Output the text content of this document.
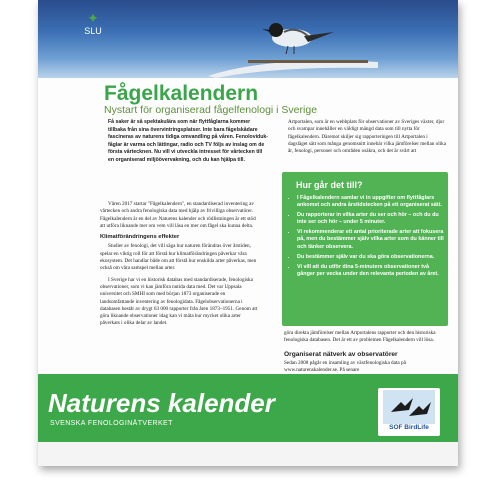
✦
SLU
Fågelkalendern
Nystart för organiserad fågelfenologi i Sverige
Få saker är så spektakulära som när flyttfåglarna kommer tillbaka från sina övervintringsplatser. Inte bara fågelskådare fascineras av naturens tidiga omvandling på våren. Fenoloviduk-fåglar är varma och lättingar, radio och TV följs av inslag om de första vårtecknen. Nu vill vi utveckla intresset för vårtecken till en organiserad miljöövervakning, och du kan hjälpa till.

Våren 2017 startar "Fågelkalendern", en standardiserad inventering av vårtecken och andra fenologiska data med hjälp av frivilliga observatörer. Fågelkalendern är en del av Naturens kalender och rödlistningen är ett stöd att utföra liknande mer om vem vill läsa en mer om fågel ska kunna delta.

Klimatförändringens effekter

Studier av fenologi, det vill säga hur naturen förändras över årstiden, spelar en viktig roll för att förstå hur klimatförändringen påverkar våra ekosystem. Det handlar både om att förstå hur enskilda arter påverkas, men också om våra samspel mellan arter.

I Sverige har vi en historisk databas med standardiserade, fenologiska observationer, som vi kan jämföra nutida data med. Det var Uppsala universitet och SMHI som med början 1873 organiserade en landsomfattande inventering av fenologidata. Fågelobservationerna i databasen består av drygt 63 000 rapporter från åren 1873–1951. Genom att göra liknande observationer idag kan vi mäta hur mycket olika arter påverkats i olika delar av landet.

Artportalen, som är en webbplats för observationer av Sveriges växter, djur och svampar innehåller en väldigt mängd data som till nytta för fågelkalendern. Däremot skiljer sig rapporteringen till Artportalen i dagsläget sätt som många genomsnitt innebär vilka jämförelser mellan olika år, fenologi, personer och områden osäkra, och det är svårt att
Hur går det till?
• I Fågelkalendern samlar vi in uppgifter om flyttfåglars ankomst och andra årstidstecken på ett organiserat sätt.
• Du rapporterar in vilka arter du ser och hör – och du du inte ser och hör – under 5 minuter.
• Vi rekommenderar ett antal prioriterade arter att fokusera på, men du bestämmer själv vilka arter som du känner till och tänker observera.
• Du bestämmer själv var du ska göra observationerna.
• Vi vill att du utför dina 5-minuters observationer två gånger per vecka under den relevanta perioden av året.
göra direkta jämförelser mellan Artportalens rapporter och den historiska fenologiska databasen. Det är ett av problemen Fågelkalendern vill lösa.
Organiserat nätverk av observatörer
Sedan 2008 pågår en insamling av växtfenologiska data på www.naturenskalender.se. På senare
Naturens kalender
SVENSKA FENOLOGINÄTVERKET
SOF BirdLife
